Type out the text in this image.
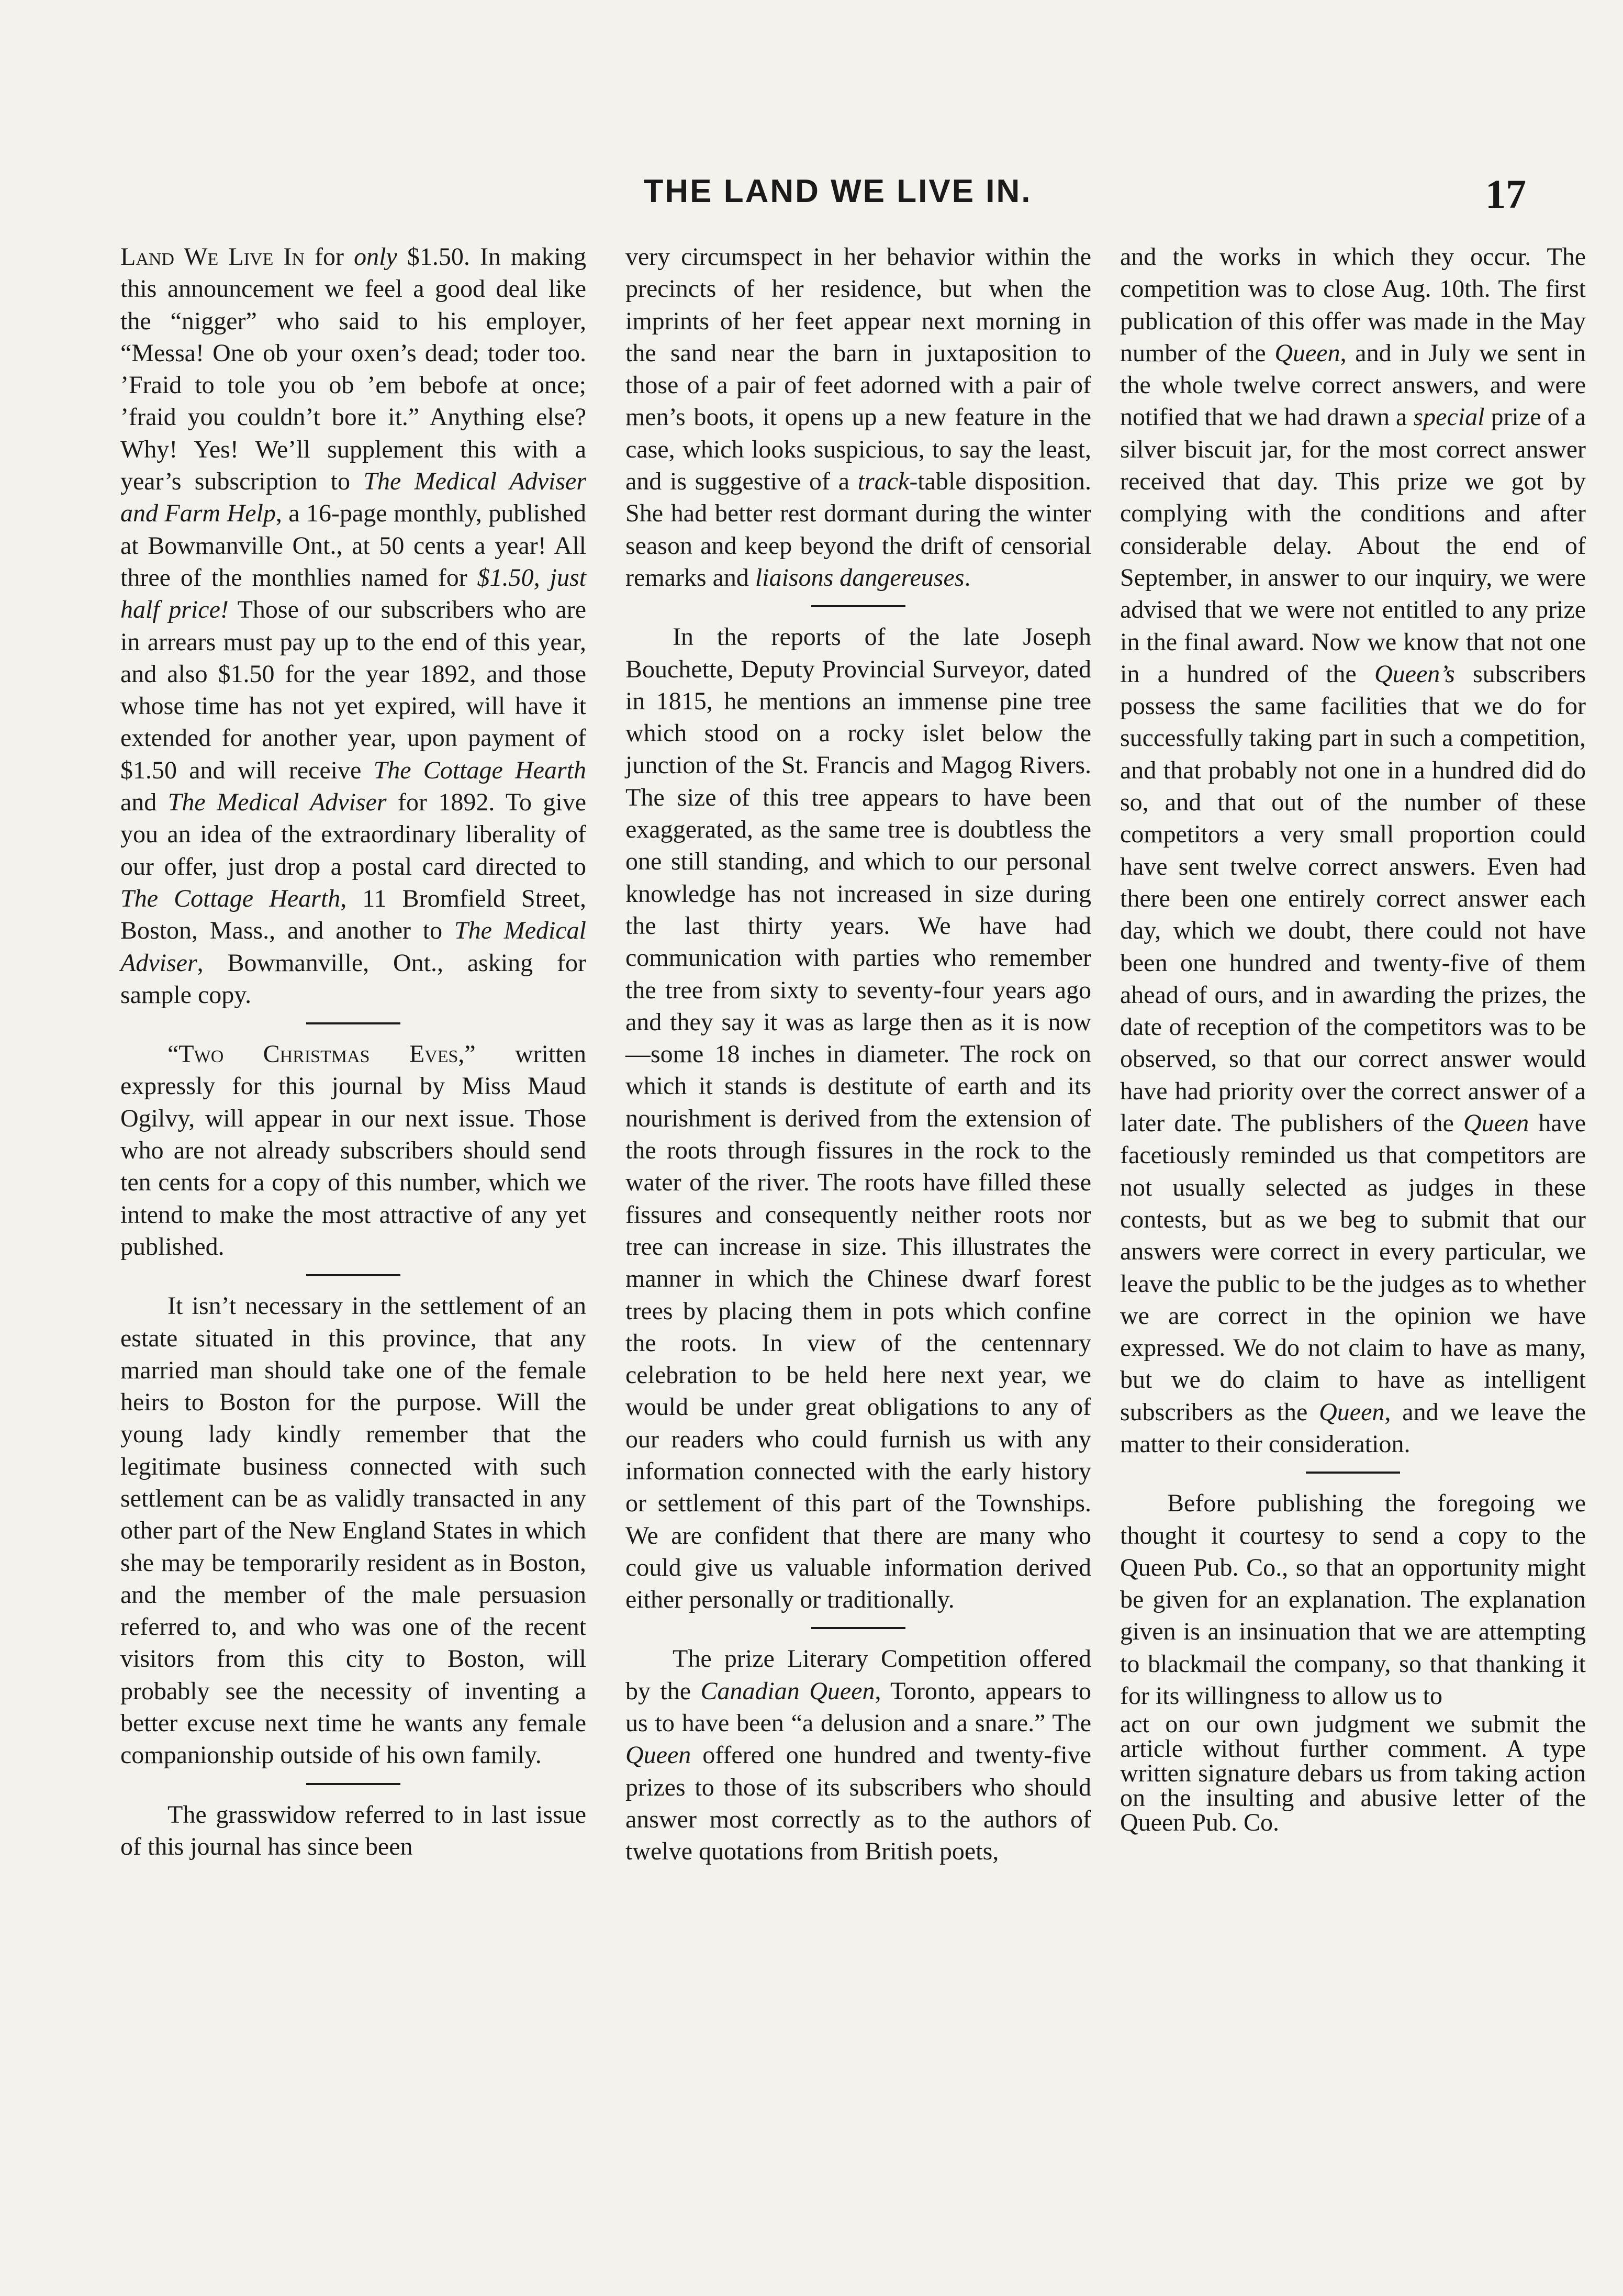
THE LAND WE LIVE IN.	17

Land We Live In for only $1.50. In making this announcement we feel a good deal like the “nigger” who said to his employer, “Messa! One ob your oxen’s dead; toder too. ’Fraid to tole you ob ’em bebofe at once; ’fraid you couldn’t bore it.” Anything else? Why! Yes! We’ll supplement this with a year’s subscription to The Medical Adviser and Farm Help, a 16-page monthly, published at Bowmanville Ont., at 50 cents a year! All three of the monthlies named for $1.50, just half price! Those of our subscribers who are in arrears must pay up to the end of this year, and also $1.50 for the year 1892, and those whose time has not yet expired, will have it extended for another year, upon payment of $1.50 and will receive The Cottage Hearth and The Medical Adviser for 1892. To give you an idea of the extraordinary liberality of our offer, just drop a postal card directed to The Cottage Hearth, 11 Bromfield Street, Boston, Mass., and another to The Medical Adviser, Bowmanville, Ont., asking for sample copy.

“Two Christmas Eves,” written expressly for this journal by Miss Maud Ogilvy, will appear in our next issue. Those who are not already subscribers should send ten cents for a copy of this number, which we intend to make the most attractive of any yet published.

It isn’t necessary in the settlement of an estate situated in this province, that any married man should take one of the female heirs to Boston for the purpose. Will the young lady kindly remember that the legitimate business connected with such settlement can be as validly transacted in any other part of the New England States in which she may be temporarily resident as in Boston, and the member of the male persuasion referred to, and who was one of the recent visitors from this city to Boston, will probably see the necessity of inventing a better excuse next time he wants any female companionship outside of his own family.

The grasswidow referred to in last issue of this journal has since been

very circumspect in her behavior within the precincts of her residence, but when the imprints of her feet appear next morning in the sand near the barn in juxtaposition to those of a pair of feet adorned with a pair of men’s boots, it opens up a new feature in the case, which looks suspicious, to say the least, and is suggestive of a track-table disposition. She had better rest dormant during the winter season and keep beyond the drift of censorial remarks and liaisons dangereuses.

In the reports of the late Joseph Bouchette, Deputy Provincial Surveyor, dated in 1815, he mentions an immense pine tree which stood on a rocky islet below the junction of the St. Francis and Magog Rivers. The size of this tree appears to have been exaggerated, as the same tree is doubtless the one still standing, and which to our personal knowledge has not increased in size during the last thirty years. We have had communication with parties who remember the tree from sixty to seventy-four years ago and they say it was as large then as it is now—some 18 inches in diameter. The rock on which it stands is destitute of earth and its nourishment is derived from the extension of the roots through fissures in the rock to the water of the river. The roots have filled these fissures and consequently neither roots nor tree can increase in size. This illustrates the manner in which the Chinese dwarf forest trees by placing them in pots which confine the roots. In view of the centennary celebration to be held here next year, we would be under great obligations to any of our readers who could furnish us with any information connected with the early history or settlement of this part of the Townships. We are confident that there are many who could give us valuable information derived either personally or traditionally.

The prize Literary Competition offered by the Canadian Queen, Toronto, appears to us to have been “a delusion and a snare.” The Queen offered one hundred and twenty-five prizes to those of its subscribers who should answer most correctly as to the authors of twelve quotations from British poets,

and the works in which they occur. The competition was to close Aug. 10th. The first publication of this offer was made in the May number of the Queen, and in July we sent in the whole twelve correct answers, and were notified that we had drawn a special prize of a silver biscuit jar, for the most correct answer received that day. This prize we got by complying with the conditions and after considerable delay. About the end of September, in answer to our inquiry, we were advised that we were not entitled to any prize in the final award. Now we know that not one in a hundred of the Queen’s subscribers possess the same facilities that we do for successfully taking part in such a competition, and that probably not one in a hundred did do so, and that out of the number of these competitors a very small proportion could have sent twelve correct answers. Even had there been one entirely correct answer each day, which we doubt, there could not have been one hundred and twenty-five of them ahead of ours, and in awarding the prizes, the date of reception of the competitors was to be observed, so that our correct answer would have had priority over the correct answer of a later date. The publishers of the Queen have facetiously reminded us that competitors are not usually selected as judges in these contests, but as we beg to submit that our answers were correct in every particular, we leave the public to be the judges as to whether we are correct in the opinion we have expressed. We do not claim to have as many, but we do claim to have as intelligent subscribers as the Queen, and we leave the matter to their consideration.

Before publishing the foregoing we thought it courtesy to send a copy to the Queen Pub. Co., so that an opportunity might be given for an explanation. The explanation given is an insinuation that we are attempting to blackmail the company, so that thanking it for its willingness to allow us to

act on our own judgment we submit the article without further comment. A type written signature debars us from taking action on the insulting and abusive letter of the Queen Pub. Co.
